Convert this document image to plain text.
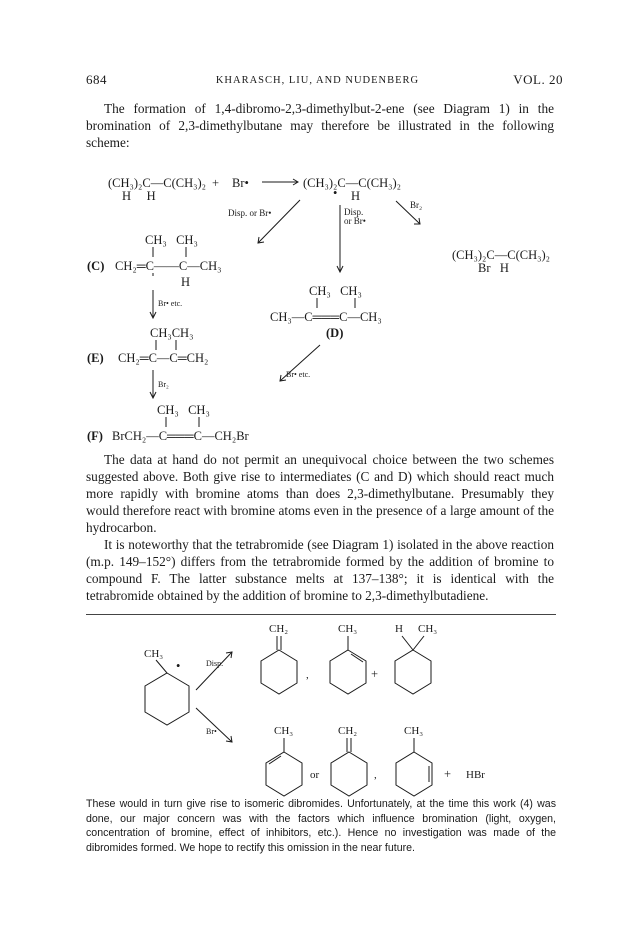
684	KHARASCH, LIU, AND NUDENBERG	VOL. 20

The formation of 1,4-dibromo-2,3-dimethylbut-2-ene (see Diagram 1) in the bromination of 2,3-dimethylbutane may therefore be illustrated in the following scheme:

(CH₃)₂C—C(CH₃)₂
H     H
+ Br•	(CH₃)₂C—C(CH₃)₂
• H
Disp. or Br•	Disp.
or Br•
Br₂
CH₃   CH₃
(C) CH₂═C——C—CH₃
H
Br• etc.
CH₃CH₃
(E) CH₂═C—C═CH₂
Br₂
CH₃   CH₃
(F) BrCH₂—C═══C—CH₂Br
CH₃   CH₃
CH₃—C═══C—CH₃
(D)
Br• etc.
(CH₃)₂C—C(CH₃)₂
Br   H
CH₃
•	Disp.
Br•
CH₂
,
CH₃
+
H CH₃
CH₃
or
CH₂
,
CH₃
+ HBr

The data at hand do not permit an unequivocal choice between the two schemes suggested above. Both give rise to intermediates (C and D) which should react much more rapidly with bromine atoms than does 2,3-dimethylbutane. Presumably they would therefore react with bromine atoms even in the presence of a large amount of the hydrocarbon.

It is noteworthy that the tetrabromide (see Diagram 1) isolated in the above reaction (m.p. 149–152°) differs from the tetrabromide formed by the addition of bromine to compound F. The latter substance melts at 137–138°; it is identical with the tetrabromide obtained by the addition of bromine to 2,3-dimethylbutadiene.

These would in turn give rise to isomeric dibromides. Unfortunately, at the time this work (4) was done, our major concern was with the factors which influence bromination (light, oxygen, concentration of bromine, effect of inhibitors, etc.). Hence no investigation was made of the dibromides formed. We hope to rectify this omission in the near future.
